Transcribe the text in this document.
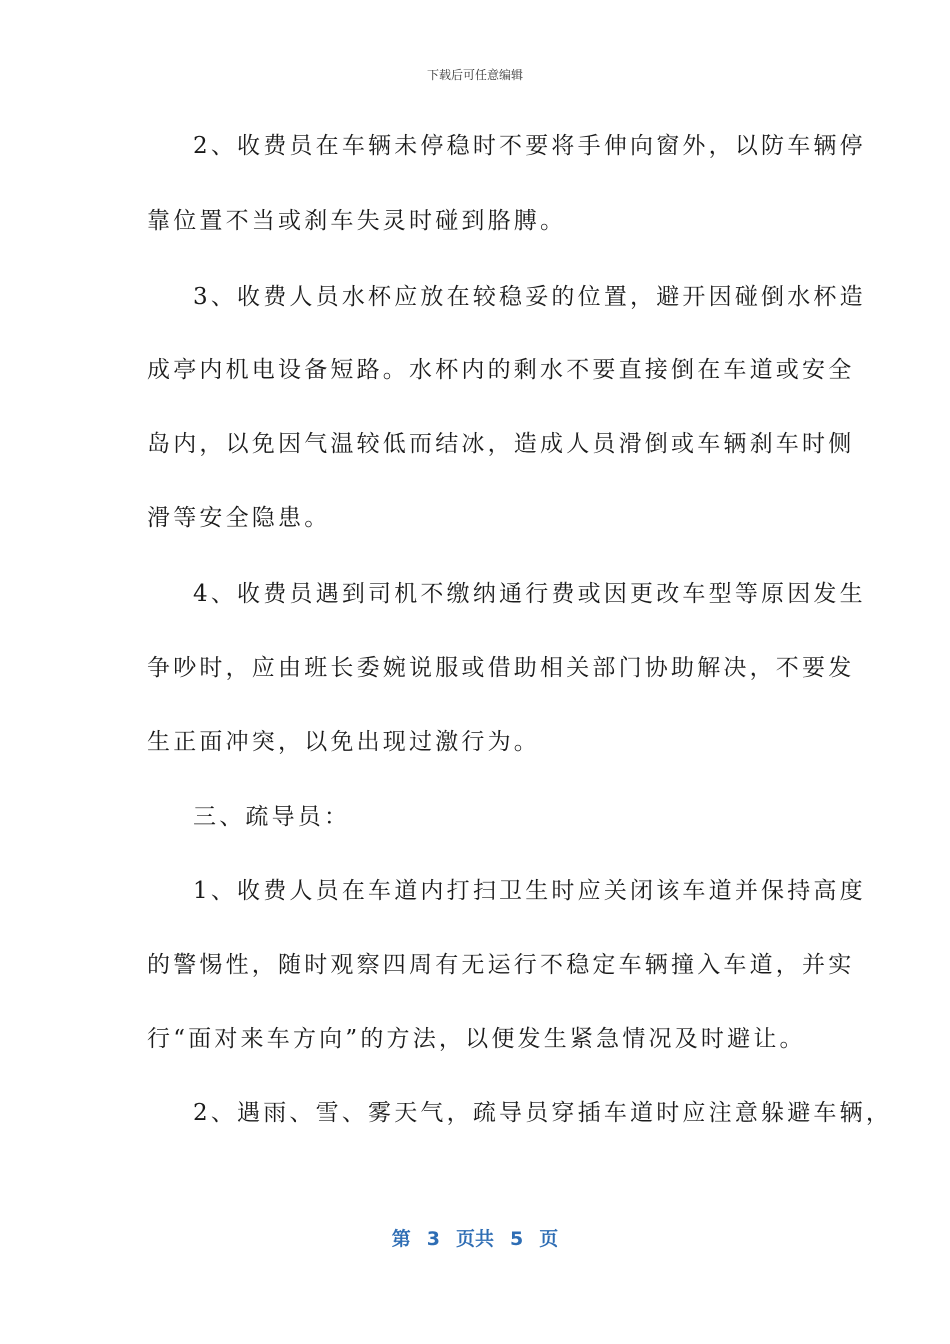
下载后可任意编辑
2、收费员在车辆未停稳时不要将手伸向窗外，以防车辆停
靠位置不当或刹车失灵时碰到胳膊。
3、收费人员水杯应放在较稳妥的位置，避开因碰倒水杯造
成亭内机电设备短路。水杯内的剩水不要直接倒在车道或安全
岛内，以免因气温较低而结冰，造成人员滑倒或车辆刹车时侧
滑等安全隐患。
4、收费员遇到司机不缴纳通行费或因更改车型等原因发生
争吵时，应由班长委婉说服或借助相关部门协助解决，不要发
生正面冲突，以免出现过激行为。
三、疏导员：
1、收费人员在车道内打扫卫生时应关闭该车道并保持高度
的警惕性，随时观察四周有无运行不稳定车辆撞入车道，并实
行“面对来车方向”的方法，以便发生紧急情况及时避让。
2、遇雨、雪、雾天气，疏导员穿插车道时应注意躲避车辆，
第 3 页共 5 页
